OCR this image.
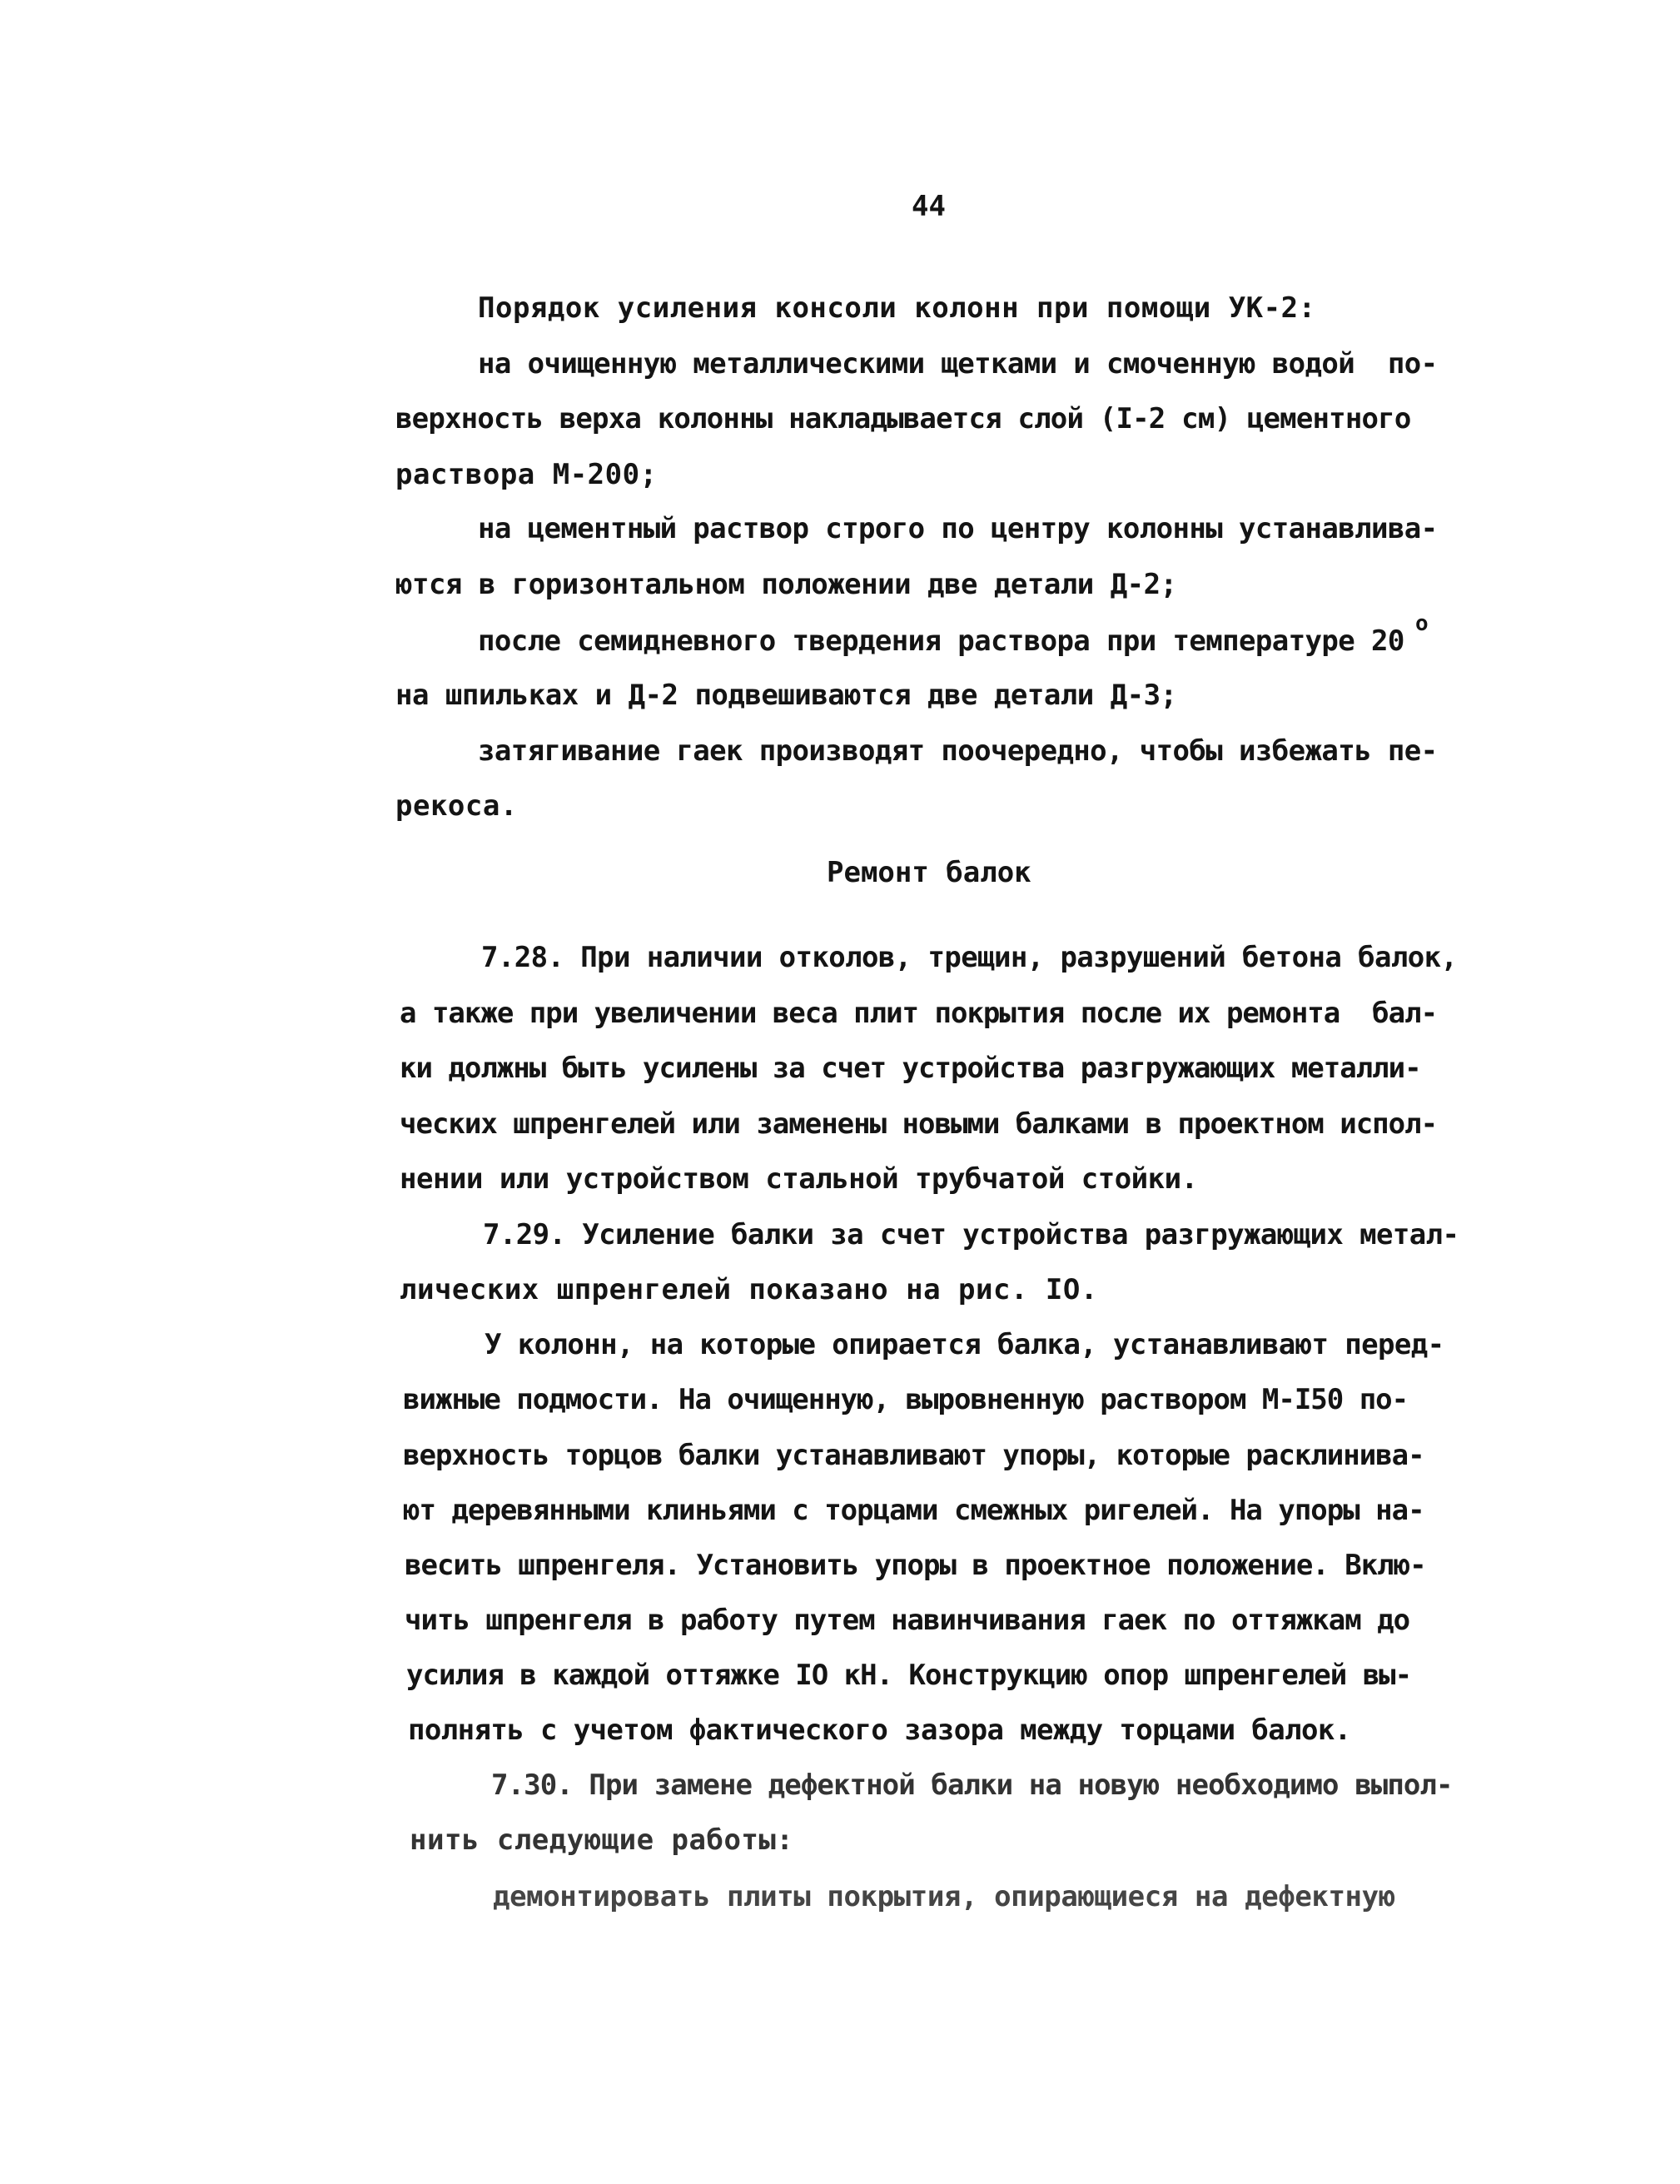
44
Порядок усиления консоли колонн при помощи УК-2:
на очищенную металлическими щетками и смоченную водой  по-
верхность верха колонны накладывается слой (I-2 см) цементного
раствора М-200;
на цементный раствор строго по центру колонны устанавлива-
ются в горизонтальном положении две детали Д-2;
после семидневного твердения раствора при температуре 20
о
на шпильках и Д-2 подвешиваются две детали Д-3;
затягивание гаек производят поочередно, чтобы избежать пе-
рекоса.
Ремонт балок
7.28. При наличии отколов, трещин, разрушений бетона балок,
а также при увеличении веса плит покрытия после их ремонта  бал-
ки должны быть усилены за счет устройства разгружающих металли-
ческих шпренгелей или заменены новыми балками в проектном испол-
нении или устройством стальной трубчатой стойки.
7.29. Усиление балки за счет устройства разгружающих метал-
лических шпренгелей показано на рис. IO.
У колонн, на которые опирается балка, устанавливают перед-
вижные подмости. На очищенную, выровненную раствором М-I50 по-
верхность торцов балки устанавливают упоры, которые расклинива-
ют деревянными клиньями с торцами смежных ригелей. На упоры на-
весить шпренгеля. Установить упоры в проектное положение. Вклю-
чить шпренгеля в работу путем навинчивания гаек по оттяжкам до
усилия в каждой оттяжке IO кН. Конструкцию опор шпренгелей вы-
полнять с учетом фактического зазора между торцами балок.
7.30. При замене дефектной балки на новую необходимо выпол-
нить следующие работы:
демонтировать плиты покрытия, опирающиеся на дефектную
